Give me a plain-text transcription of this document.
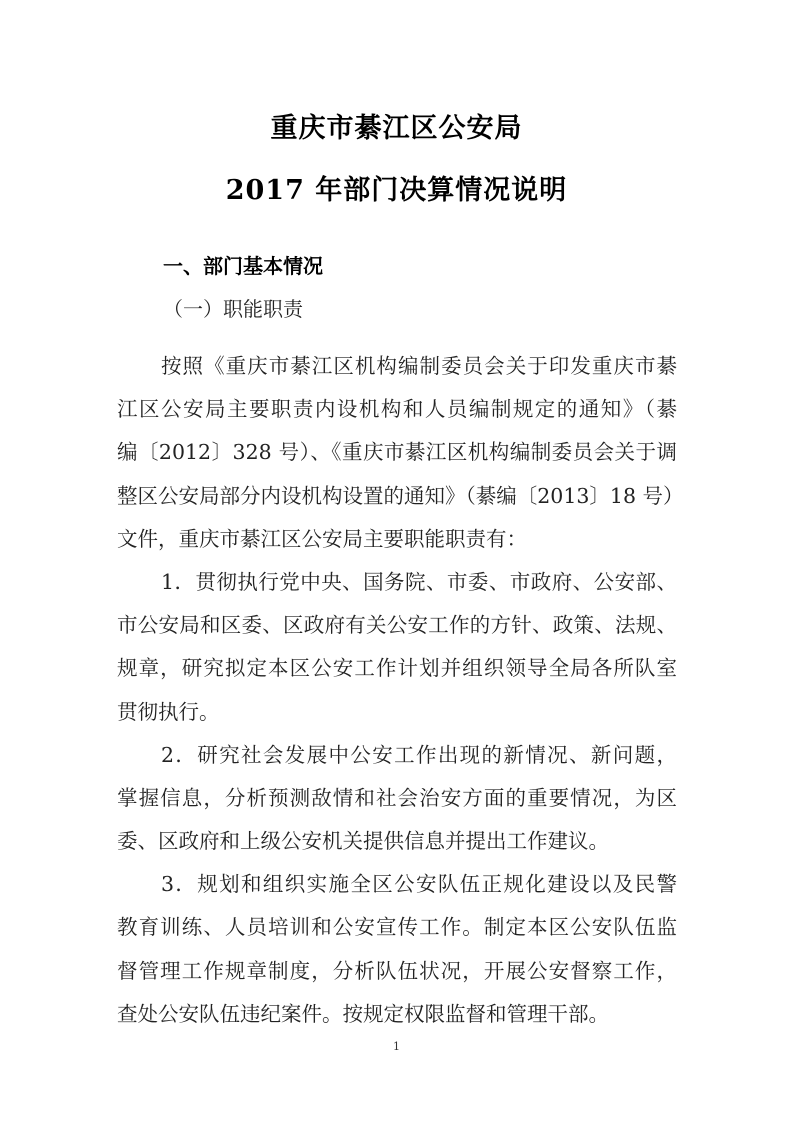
重庆市綦江区公安局
2017 年部门决算情况说明
一、部门基本情况
（一）职能职责
按照《重庆市綦江区机构编制委员会关于印发重庆市綦
江区公安局主要职责内设机构和人员编制规定的通知》（綦
编〔2012〕328 号）、《重庆市綦江区机构编制委员会关于调
整区公安局部分内设机构设置的通知》（綦编〔2013〕18 号）
文件，重庆市綦江区公安局主要职能职责有：
1．贯彻执行党中央、国务院、市委、市政府、公安部、
市公安局和区委、区政府有关公安工作的方针、政策、法规、
规章，研究拟定本区公安工作计划并组织领导全局各所队室
贯彻执行。
2．研究社会发展中公安工作出现的新情况、新问题，
掌握信息，分析预测敌情和社会治安方面的重要情况，为区
委、区政府和上级公安机关提供信息并提出工作建议。
3．规划和组织实施全区公安队伍正规化建设以及民警
教育训练、人员培训和公安宣传工作。制定本区公安队伍监
督管理工作规章制度，分析队伍状况，开展公安督察工作，
查处公安队伍违纪案件。按规定权限监督和管理干部。
1
